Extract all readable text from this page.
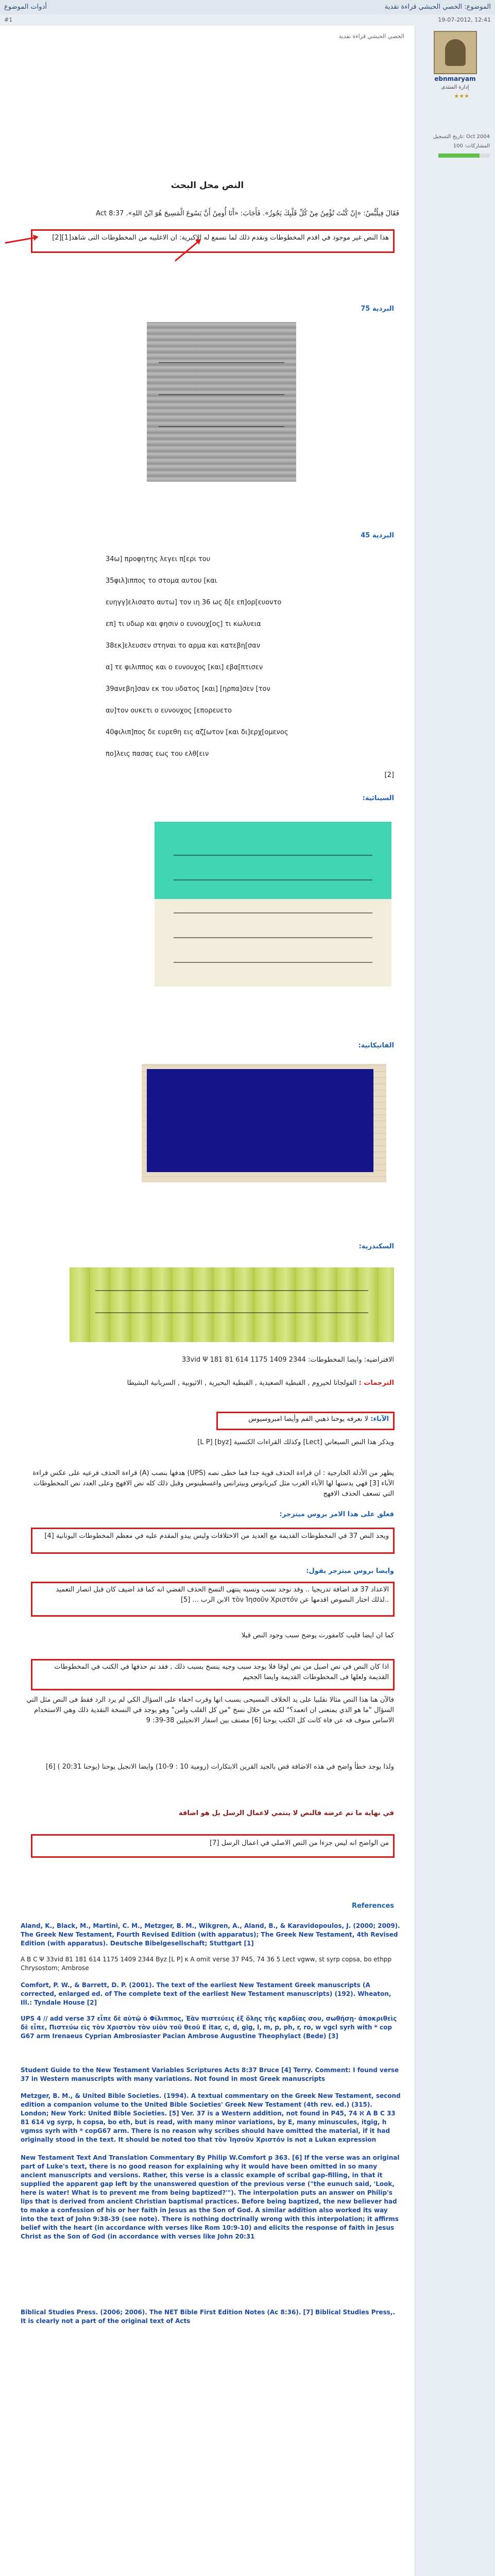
الموضوع: الخصي الحبشي قراءة نقدية
أدوات الموضوع
19-07-2012, 12:41
#1
ebnmaryam
إدارة المنتدى
★★★
تاريخ التسجيل: Oct 2004
المشاركات: 100
الخصي الحبشي قراءة نقدية
النص محل البحث
فَقَالَ فِيلُبُّسُ: «إِنْ كُنْتَ تُؤْمِنُ مِنْ كُلِّ قَلْبِكَ يَجُوزُ». فَأَجَابَ: «أَنَا أُومِنُ أَنَّ يَسُوعَ الْمَسِيحَ هُوَ ابْنُ اللهِ». Act 8:37
هذا النص غير موجود في اقدم المخطوطات ونقدم ذلك لما نسمع له الاكبرية: ان الاغلبيه من المخطوطات التى شاهد[1][2]
البردية 75
البردية 45
34ω] προφητης λεγει π[ερι του
35φιλ]ιππος το στομα αυτου [και
ευηγγ]ελισατο αυτω] τον ιη 36 ως δ[ε επ]ορ[ευοντο
επ] τι υδωρ και φησιν ο ευνουχ[ος] τι κωλυεια
38εκ]ελευσεν στηναι το αρμα και κατεβη[σαν
α] τε φιλιππος και ο ευνουχος [και] εβα[πτισεν
39ανεβη]σαν εκ του υδατος [και] [ηρπα]σεν [τον
αυ]τον ουκετι ο ευνουχος [επορευετο
40φιλιπ]πος δε ευρεθη εις αζ[ωτον [και δι]ερχ[ομενος
πο]λεις πασας εως του ελθ[ειν
[2]
السينائية:
الفاتيكانية:
السكندرية:
الافتراضيه: وايضا المخطوطات: 2344 1409 1175 614 81 181 33vid Ψ
الترجمات : الفولجاتا لحيروم , القبطية الصعيدية , القبطية البحيرية , الاثيوبية , السريانية البشيطا
الآباء: لا نعرفه يوحنا ذهبي الفم وأيضا امبروسيوس
ويذكر هذا النص السبعاني [Lect] وكذلك القراءات الكنسية [byz] [L P]
يظهر من الأدلة الخارجية : ان قراءة الحذف قوية جدا فما خطى نصه (UPS) هدفها بنصب (A) قراءة الحذف فرعيه على عكس قراءة الآباء [3] فهي يدسنها لها الآباء الغرب مثل كبريانوس وبيترانس واغسطينوس وقبل ذلك كله نص الافهج وعلى العدد نص المخطوطات التي تسعف الحذف الافهج
فعلق على هذا الامر بروس ميتزجر:
ويحد النص 37 في المخطوطات القديمة مع العديد من الاختلافات وليس يبدو المقدم عليه في معظم المخطوطات اليونانية [4]
وايضا بروس ميتزجر يقول:
الاعداد 37 قد اضافة تدريجيا .. وقد نوجد نسب ونسبه ينتهى النسخ الحذف الفضي انه كما قد اضيف كان قبل انصار التعميد ..لذلك اختار النصوص اقدمها عن τὸν Ἰησοῦν Χριστόν الابن الرب ... [5]
كما ان ايضا فليب كامفورت يوضح سبب وجود النص قبلا
اذا كان النص في نص اصيل من نص لوقا فلا يوجد سبب وجيه ينسخ بسبب ذلك , فقد تم حذفها في الكتب في المخطوطات القديمة ولعلها فى المخطوطات القديمة وايضا الجحيم
فالآن هنا هذا النص مثالا نقلبيا على يد الخلاف المسيحى بسبب انها وقرب اخفاء على السؤال الكي لم يرد الرد فقط فى النص مثل التي السؤال "ما هو الذي يمنعنى ان اتعمد؟" لكنه من خلال نسخ "من كل القلب وامن" وهو يوجد في النسخة النقدية ذلك وهي الاستخدام الاساس منوف فه عن فاة كانت كل الكتب يوحنا [6] مصنف بين اسفار الانجيلين 38-39: 9
ولذا يوجد خطأ واضح في هذه الاضافة قص بالجيد القرين الابتكارات (رومية 10 : 9-10) وايضا الانجيل يوحنا (يوحنا 20:31 ) [6]
في نهاية ما تم عرضه فالنص لا ينتمي لاعمال الرسل بل هو اضافة
من الواضح انه ليس جزءا من النص الاصلي في اعمال الرسل [7]
References
Aland, K., Black, M., Martini, C. M., Metzger, B. M., Wikgren, A., Aland, B., & Karavidopoulos, J. (2000; 2009). The Greek New Testament, Fourth Revised Edition (with apparatus); The Greek New Testament, 4th Revised Edition (with apparatus). Deutsche Bibelgesellschaft; Stuttgart [1]
A B C Ψ 33vid 81 181 614 1175 1409 2344 Byz [L P] κ A omit verse 37 P45, 74 36 5 Lect vgww, st syrp copsa, bo ethpp Chrysostom; Ambrose
Comfort, P. W., & Barrett, D. P. (2001). The text of the earliest New Testament Greek manuscripts (A corrected, enlarged ed. of The complete text of the earliest New Testament manuscripts) (192). Wheaton, Ill.: Tyndale House [2]
UPS 4 // add verse 37 εἶπε δὲ αὐτῷ ὁ Φίλιππος, Ἐὰν πιστεύεις ἐξ ὅλης τῆς καρδίας σου, σωθήσῃ· ἀποκριθεὶς δὲ εἶπε, Πιστεύω εἰς τὸν Χριστὸν τὸν υἱὸν τοῦ θεοῦ E itar, c, d, gig, l, m, p, ph, r, ro, w vgcl syrh with * cop G67 arm Irenaeus Cyprian Ambrosiaster Pacian Ambrose Augustine Theophylact (Bede) [3]
Student Guide to the New Testament Variables Scriptures Acts 8:37 Bruce [4] Terry. Comment: I found verse 37 in Western manuscripts with many variations. Not found in most Greek manuscripts
Metzger, B. M., & United Bible Societies. (1994). A textual commentary on the Greek New Testament, second edition a companion volume to the United Bible Societies' Greek New Testament (4th rev. ed.) (315). London; New York: United Bible Societies. [5] Ver. 37 is a Western addition, not found in P45, 74 ℵ A B C 33 81 614 vg syrp, h copsa, bo eth, but is read, with many minor variations, by E, many minuscules, itgig, h vgmss syrh with * copG67 arm. There is no reason why scribes should have omitted the material, if it had originally stood in the text. It should be noted too that τὸν Ἰησοῦν Χριστόν is not a Lukan expression
New Testament Text And Translation Commentary By Philip W.Comfort p 363. [6] If the verse was an original part of Luke's text, there is no good reason for explaining why it would have been omitted in so many ancient manuscripts and versions. Rather, this verse is a classic example of scribal gap-filling, in that it supplied the apparent gap left by the unanswered question of the previous verse ("the eunuch said, 'Look, here is water! What is to prevent me from being baptized?'"). The interpolation puts an answer on Philip's lips that is derived from ancient Christian baptismal practices. Before being baptized, the new believer had to make a confession of his or her faith in Jesus as the Son of God. A similar addition also worked its way into the text of John 9:38-39 (see note). There is nothing doctrinally wrong with this interpolation; it affirms belief with the heart (in accordance with verses like Rom 10:9-10) and elicits the response of faith in Jesus Christ as the Son of God (in accordance with verses like John 20:31
Biblical Studies Press. (2006; 2006). The NET Bible First Edition Notes (Ac 8:36). [7] Biblical Studies Press,. It is clearly not a part of the original text of Acts
